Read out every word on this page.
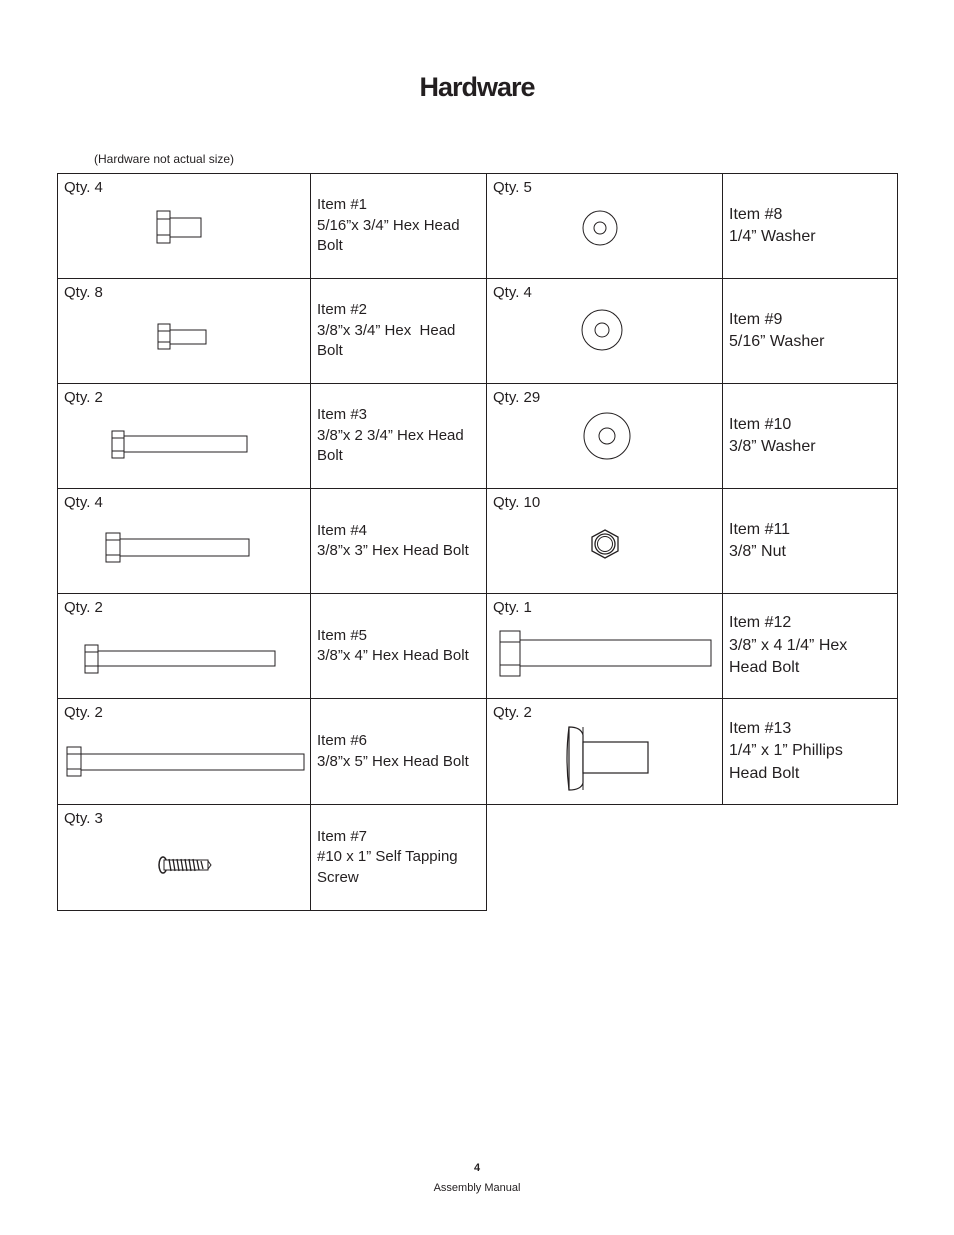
Hardware
(Hardware not actual size)
Qty. 4
Item #1
5/16”x 3/4” Hex Head
Bolt
Qty. 8
Item #2
3/8”x 3/4” Hex  Head
Bolt
Qty. 2
Item #3
3/8”x 2 3/4” Hex Head
Bolt
Qty. 4
Item #4
3/8”x 3” Hex Head Bolt
Qty. 2
Item #5
3/8”x 4” Hex Head Bolt
Qty. 2
Item #6
3/8”x 5” Hex Head Bolt
Qty. 3
Item #7
#10 x 1” Self Tapping
Screw
Qty. 5
Item #8
1/4” Washer
Qty. 4
Item #9
5/16” Washer
Qty. 29
Item #10
3/8” Washer
Qty. 10
Item #11
3/8” Nut
Qty. 1
Item #12
3/8” x 4 1/4” Hex
Head Bolt
Qty. 2
Item #13
1/4” x 1” Phillips
Head Bolt
4
Assembly Manual
